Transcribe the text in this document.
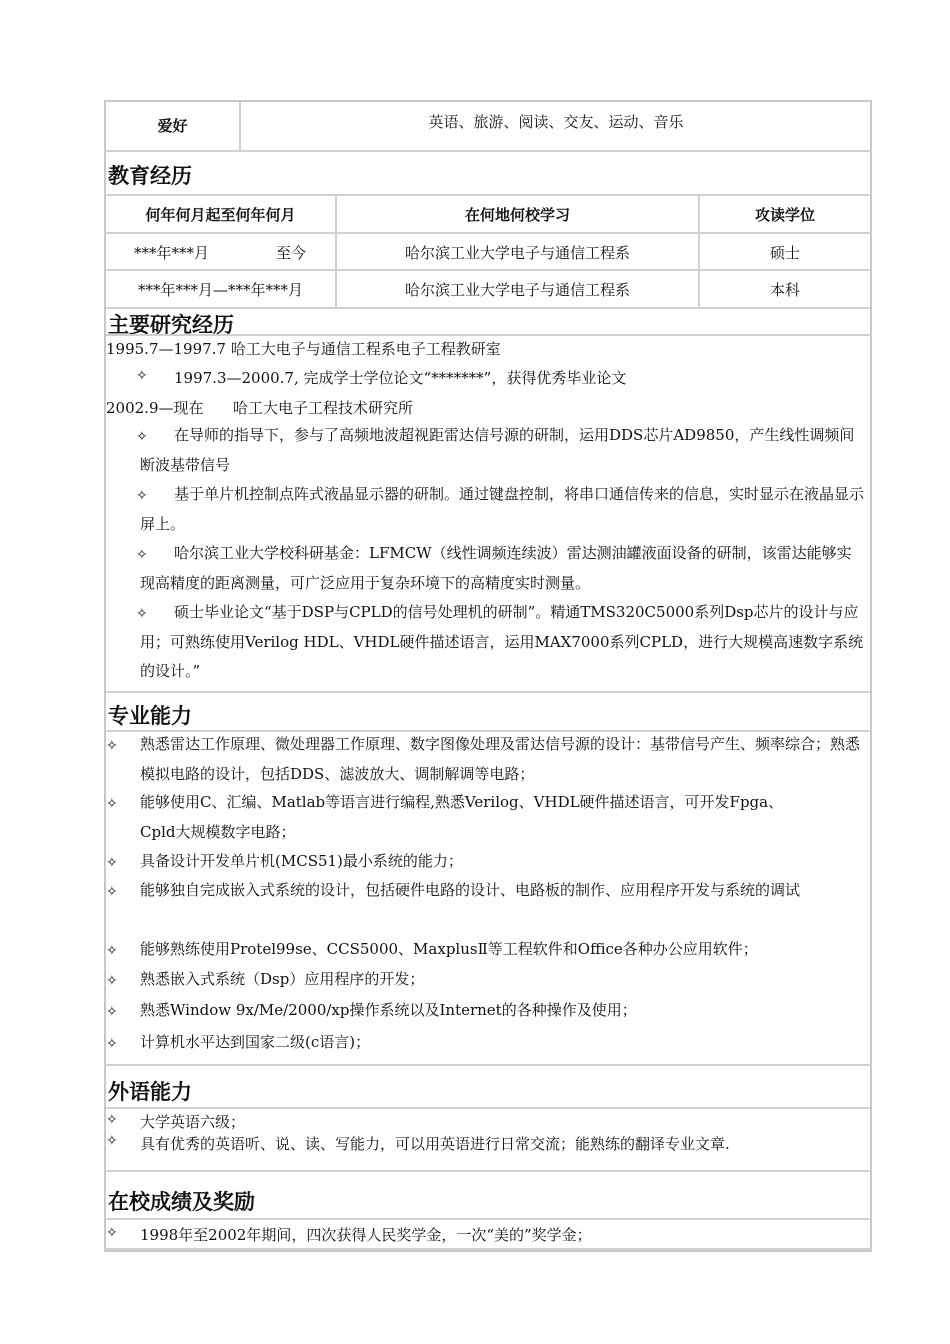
爱好	英语、旅游、阅读、交友、运动、音乐
教育经历
何年何月起至何年何月	在何地何校学习	攻读学位
***年***月	至今	哈尔滨工业大学电子与通信工程系	硕士
***年***月—***年***月	哈尔滨工业大学电子与通信工程系	本科
主要研究经历
1995.7—1997.7 哈工大电子与通信工程系电子工程教研室
✧ 1997.3—2000.7, 完成学士学位论文“*******”，获得优秀毕业论文
2002.9—现在 哈工大电子工程技术研究所
✧	在导师的指导下，参与了高频地波超视距雷达信号源的研制，运用DDS芯片AD9850，产生线性调频间断波基带信号
✧	基于单片机控制点阵式液晶显示器的研制。通过键盘控制，将串口通信传来的信息，实时显示在液晶显示屏上。
✧	哈尔滨工业大学校科研基金：LFMCW（线性调频连续波）雷达测油罐液面设备的研制，该雷达能够实现高精度的距离测量，可广泛应用于复杂环境下的高精度实时测量。
✧	硕士毕业论文“基于DSP与CPLD的信号处理机的研制”。精通TMS320C5000系列Dsp芯片的设计与应用；可熟练使用Verilog HDL、VHDL硬件描述语言，运用MAX7000系列CPLD，进行大规模高速数字系统的设计。”
专业能力
✧ 熟悉雷达工作原理、微处理器工作原理、数字图像处理及雷达信号源的设计：基带信号产生、频率综合；熟悉模拟电路的设计，包括DDS、滤波放大、调制解调等电路；
✧ 能够使用C、汇编、Matlab等语言进行编程,熟悉Verilog、VHDL硬件描述语言，可开发Fpga、Cpld大规模数字电路；
✧ 具备设计开发单片机(MCS51)最小系统的能力；
✧ 能够独自完成嵌入式系统的设计，包括硬件电路的设计、电路板的制作、应用程序开发与系统的调试
✧ 能够熟练使用Protel99se、CCS5000、MaxplusⅡ等工程软件和Office各种办公应用软件；
✧ 熟悉嵌入式系统（Dsp）应用程序的开发；
✧ 熟悉Window 9x/Me/2000/xp操作系统以及Internet的各种操作及使用；
✧ 计算机水平达到国家二级(c语言)；
外语能力
✧ 大学英语六级；
✧ 具有优秀的英语听、说、读、写能力，可以用英语进行日常交流；能熟练的翻译专业文章.
在校成绩及奖励
✧ 1998年至2002年期间，四次获得人民奖学金，一次“美的”奖学金；
